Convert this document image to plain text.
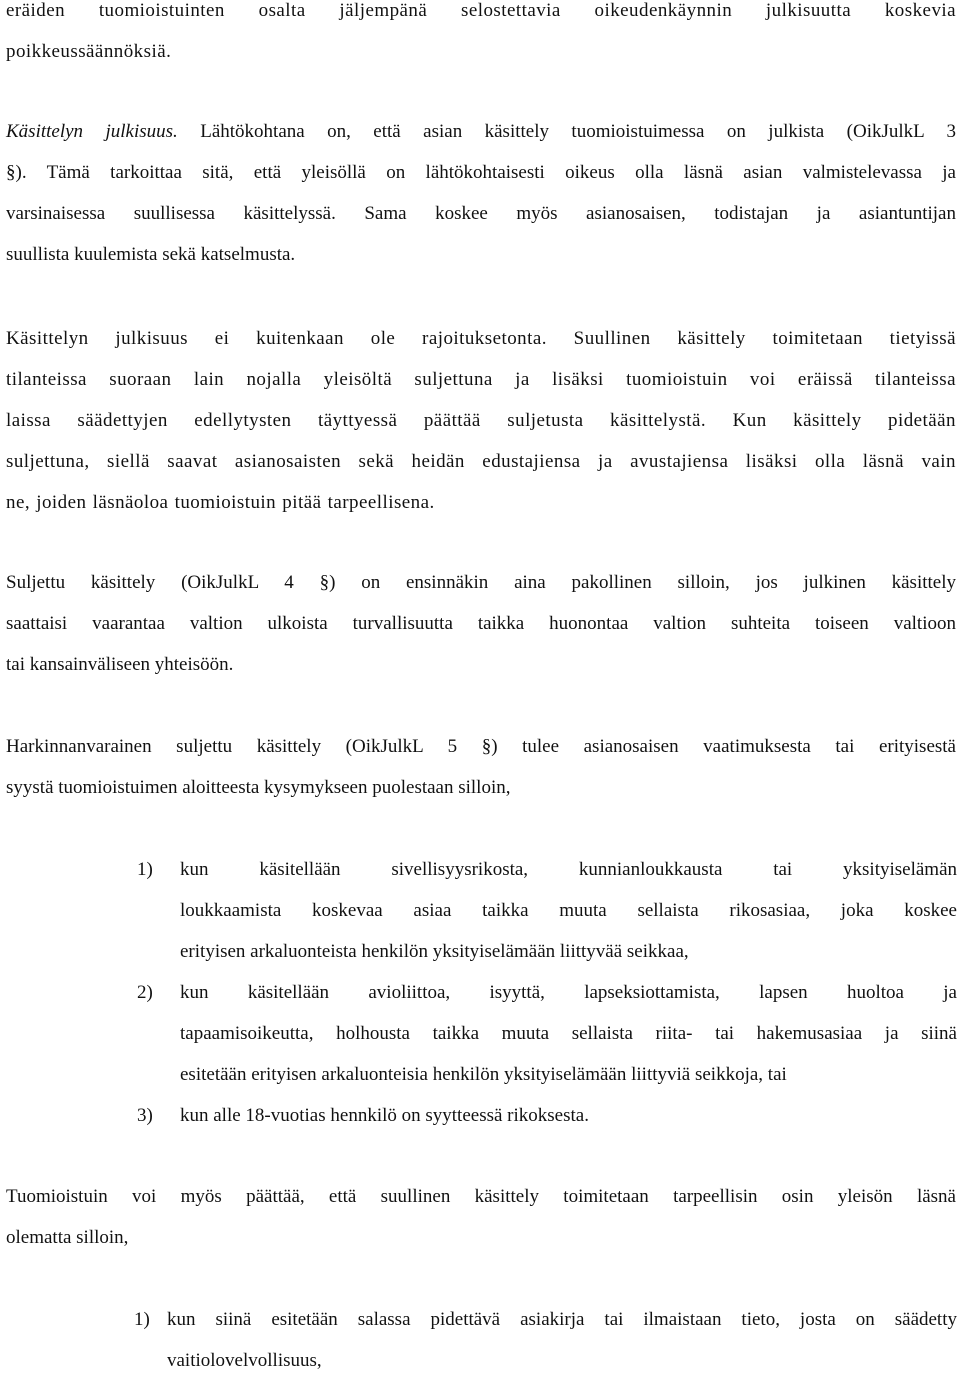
eräiden tuomioistuinten osalta jäljempänä selostettavia oikeudenkäynnin julkisuutta koskevia
poikkeussäännöksiä.

Käsittelyn julkisuus. Lähtökohtana on, että asian käsittely tuomioistuimessa on julkista (OikJulkL 3
§). Tämä tarkoittaa sitä, että yleisöllä on lähtökohtaisesti oikeus olla läsnä asian valmistelevassa ja
varsinaisessa suullisessa käsittelyssä. Sama koskee myös asianosaisen, todistajan ja asiantuntijan
suullista kuulemista sekä katselmusta.

Käsittelyn julkisuus ei kuitenkaan ole rajoituksetonta. Suullinen käsittely toimitetaan tietyissä
tilanteissa suoraan lain nojalla yleisöltä suljettuna ja lisäksi tuomioistuin voi eräissä tilanteissa
laissa säädettyjen edellytysten täyttyessä päättää suljetusta käsittelystä. Kun käsittely pidetään
suljettuna, siellä saavat asianosaisten sekä heidän edustajiensa ja avustajiensa lisäksi olla läsnä vain
ne, joiden läsnäoloa tuomioistuin pitää tarpeellisena.

Suljettu käsittely (OikJulkL 4 §) on ensinnäkin aina pakollinen silloin, jos julkinen käsittely
saattaisi vaarantaa valtion ulkoista turvallisuutta taikka huonontaa valtion suhteita toiseen valtioon
tai kansainväliseen yhteisöön.

Harkinnanvarainen suljettu käsittely (OikJulkL 5 §) tulee asianosaisen vaatimuksesta tai erityisestä
syystä tuomioistuimen aloitteesta kysymykseen puolestaan silloin,

1) kun käsitellään sivellisyysrikosta, kunnianloukkausta tai yksityiselämän
loukkaamista koskevaa asiaa taikka muuta sellaista rikosasiaa, joka koskee
erityisen arkaluonteista henkilön yksityiselämään liittyvää seikkaa,
2) kun käsitellään avioliittoa, isyyttä, lapseksiottamista, lapsen huoltoa ja
tapaamisoikeutta, holhousta taikka muuta sellaista riita- tai hakemusasiaa ja siinä
esitetään erityisen arkaluonteisia henkilön yksityiselämään liittyviä seikkoja, tai
3) kun alle 18-vuotias hennkilö on syytteessä rikoksesta.

Tuomioistuin voi myös päättää, että suullinen käsittely toimitetaan tarpeellisin osin yleisön läsnä
olematta silloin,

1) kun siinä esitetään salassa pidettävä asiakirja tai ilmaistaan tieto, josta on säädetty
vaitiolovelvollisuus,
